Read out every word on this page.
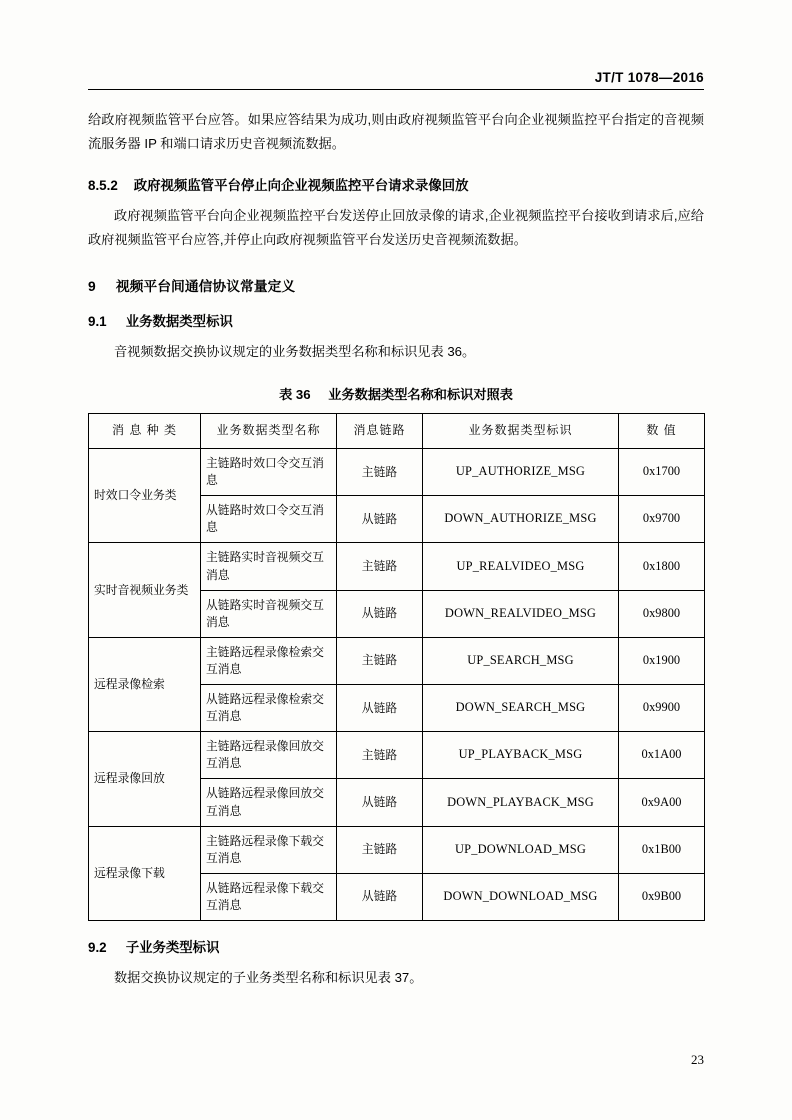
JT/T 1078—2016

给政府视频监管平台应答。如果应答结果为成功,则由政府视频监管平台向企业视频监控平台指定的音视频流服务器 IP 和端口请求历史音视频流数据。

8.5.2 政府视频监管平台停止向企业视频监控平台请求录像回放

政府视频监管平台向企业视频监控平台发送停止回放录像的请求,企业视频监控平台接收到请求后,应给政府视频监管平台应答,并停止向政府视频监管平台发送历史音视频流数据。

9 视频平台间通信协议常量定义
9.1 业务数据类型标识

音视频数据交换协议规定的业务数据类型名称和标识见表 36。

表 36 业务数据类型名称和标识对照表
消 息 种 类	业务数据类型名称	消息链路	业务数据类型标识	数 值
时效口令业务类	主链路时效口令交互消息	主链路	UP_AUTHORIZE_MSG	0x1700
	从链路时效口令交互消息	从链路	DOWN_AUTHORIZE_MSG	0x9700
实时音视频业务类	主链路实时音视频交互消息	主链路	UP_REALVIDEO_MSG	0x1800
	从链路实时音视频交互消息	从链路	DOWN_REALVIDEO_MSG	0x9800
远程录像检索	主链路远程录像检索交互消息	主链路	UP_SEARCH_MSG	0x1900
	从链路远程录像检索交互消息	从链路	DOWN_SEARCH_MSG	0x9900
远程录像回放	主链路远程录像回放交互消息	主链路	UP_PLAYBACK_MSG	0x1A00
	从链路远程录像回放交互消息	从链路	DOWN_PLAYBACK_MSG	0x9A00
远程录像下载	主链路远程录像下载交互消息	主链路	UP_DOWNLOAD_MSG	0x1B00
	从链路远程录像下载交互消息	从链路	DOWN_DOWNLOAD_MSG	0x9B00
9.2 子业务类型标识

数据交换协议规定的子业务类型名称和标识见表 37。

23
